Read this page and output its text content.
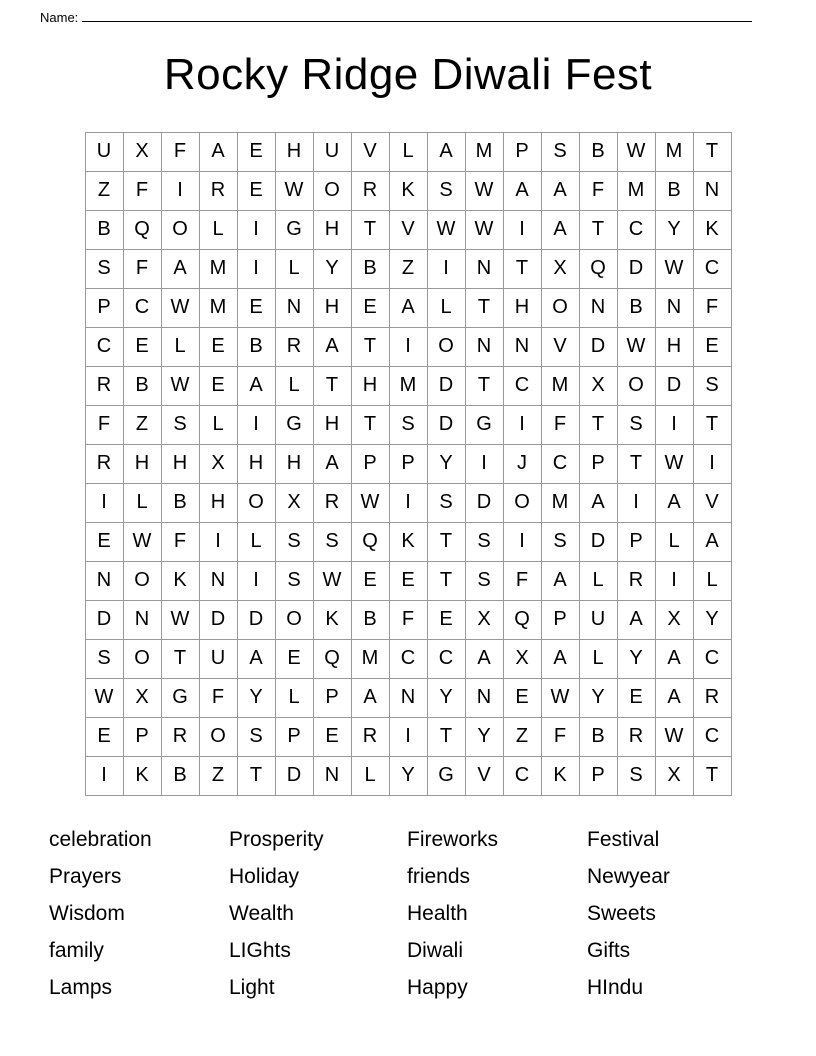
Name:
Rocky Ridge Diwali Fest
U	X	F	A	E	H	U	V	L	A	M	P	S	B	W	M	T
Z	F	I	R	E	W	O	R	K	S	W	A	A	F	M	B	N
B	Q	O	L	I	G	H	T	V	W	W	I	A	T	C	Y	K
S	F	A	M	I	L	Y	B	Z	I	N	T	X	Q	D	W	C
P	C	W	M	E	N	H	E	A	L	T	H	O	N	B	N	F
C	E	L	E	B	R	A	T	I	O	N	N	V	D	W	H	E
R	B	W	E	A	L	T	H	M	D	T	C	M	X	O	D	S
F	Z	S	L	I	G	H	T	S	D	G	I	F	T	S	I	T
R	H	H	X	H	H	A	P	P	Y	I	J	C	P	T	W	I
I	L	B	H	O	X	R	W	I	S	D	O	M	A	I	A	V
E	W	F	I	L	S	S	Q	K	T	S	I	S	D	P	L	A
N	O	K	N	I	S	W	E	E	T	S	F	A	L	R	I	L
D	N	W	D	D	O	K	B	F	E	X	Q	P	U	A	X	Y
S	O	T	U	A	E	Q	M	C	C	A	X	A	L	Y	A	C
W	X	G	F	Y	L	P	A	N	Y	N	E	W	Y	E	A	R
E	P	R	O	S	P	E	R	I	T	Y	Z	F	B	R	W	C
I	K	B	Z	T	D	N	L	Y	G	V	C	K	P	S	X	T
celebration	Prosperity	Fireworks	Festival
Prayers	Holiday	friends	Newyear
Wisdom	Wealth	Health	Sweets
family	LIGhts	Diwali	Gifts
Lamps	Light	Happy	HIndu
